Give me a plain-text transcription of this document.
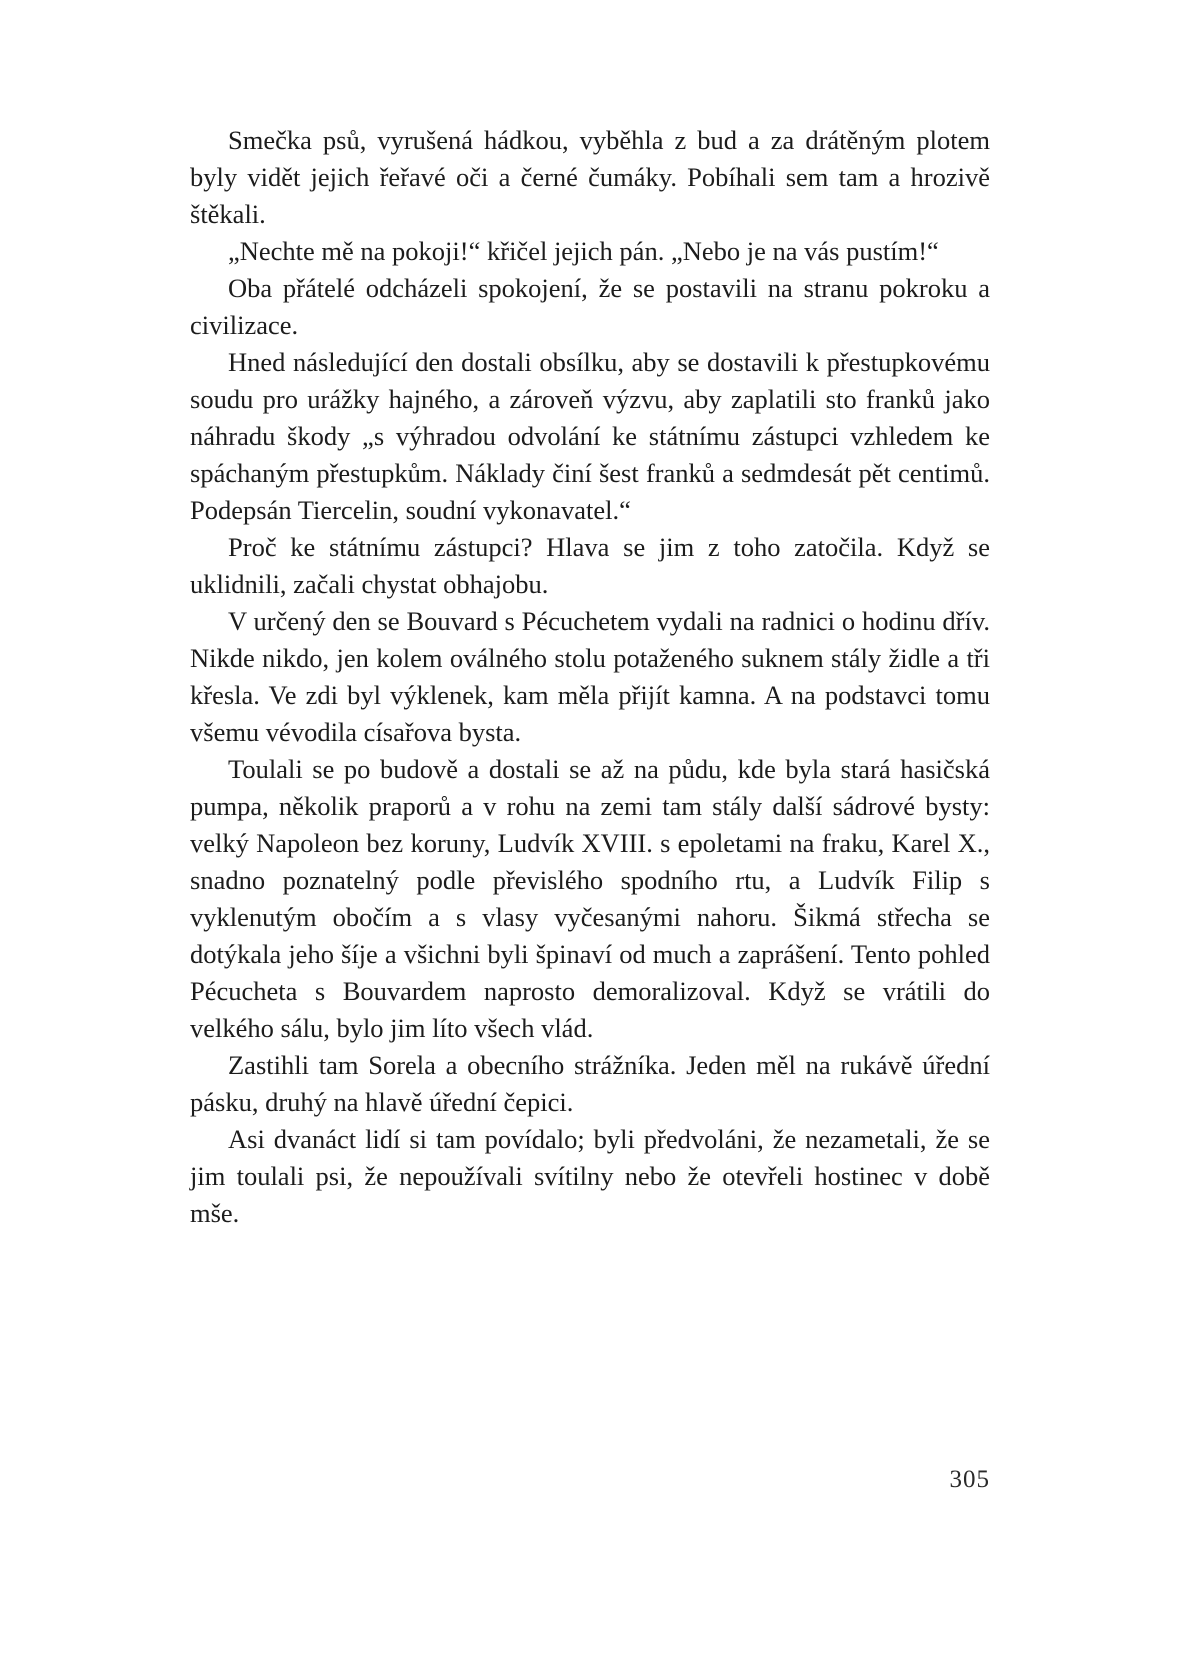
Smečka psů, vyrušená hádkou, vyběhla z bud a za drátěným plotem byly vidět jejich řeřavé oči a černé čumáky. Pobíhali sem tam a hrozivě štěkali.

„Nechte mě na pokoji!“ křičel jejich pán. „Nebo je na vás pustím!“

Oba přátelé odcházeli spokojení, že se postavili na stranu pokroku a civilizace.

Hned následující den dostali obsílku, aby se dostavili k přestupkovému soudu pro urážky hajného, a zároveň výzvu, aby zaplatili sto franků jako náhradu škody „s výhradou odvolání ke státnímu zástupci vzhledem ke spáchaným přestupkům. Náklady činí šest franků a sedmdesát pět centimů. Podepsán Tiercelin, soudní vykonavatel.“

Proč ke státnímu zástupci? Hlava se jim z toho zatočila. Když se uklidnili, začali chystat obhajobu.

V určený den se Bouvard s Pécuchetem vydali na radnici o hodinu dřív. Nikde nikdo, jen kolem oválného stolu potaženého suknem stály židle a tři křesla. Ve zdi byl výklenek, kam měla přijít kamna. A na podstavci tomu všemu vévodila císařova bysta.

Toulali se po budově a dostali se až na půdu, kde byla stará hasičská pumpa, několik praporů a v rohu na zemi tam stály další sádrové bysty: velký Napoleon bez koruny, Ludvík XVIII. s epoletami na fraku, Karel X., snadno poznatelný podle převislého spodního rtu, a Ludvík Filip s vyklenutým obočím a s vlasy vyčesanými nahoru. Šikmá střecha se dotýkala jeho šíje a všichni byli špinaví od much a zaprášení. Tento pohled Pécucheta s Bouvardem naprosto demoralizoval. Když se vrátili do velkého sálu, bylo jim líto všech vlád.

Zastihli tam Sorela a obecního strážníka. Jeden měl na rukávě úřední pásku, druhý na hlavě úřední čepici.

Asi dvanáct lidí si tam povídalo; byli předvoláni, že nezametali, že se jim toulali psi, že nepoužívali svítilny nebo že otevřeli hostinec v době mše.

305
